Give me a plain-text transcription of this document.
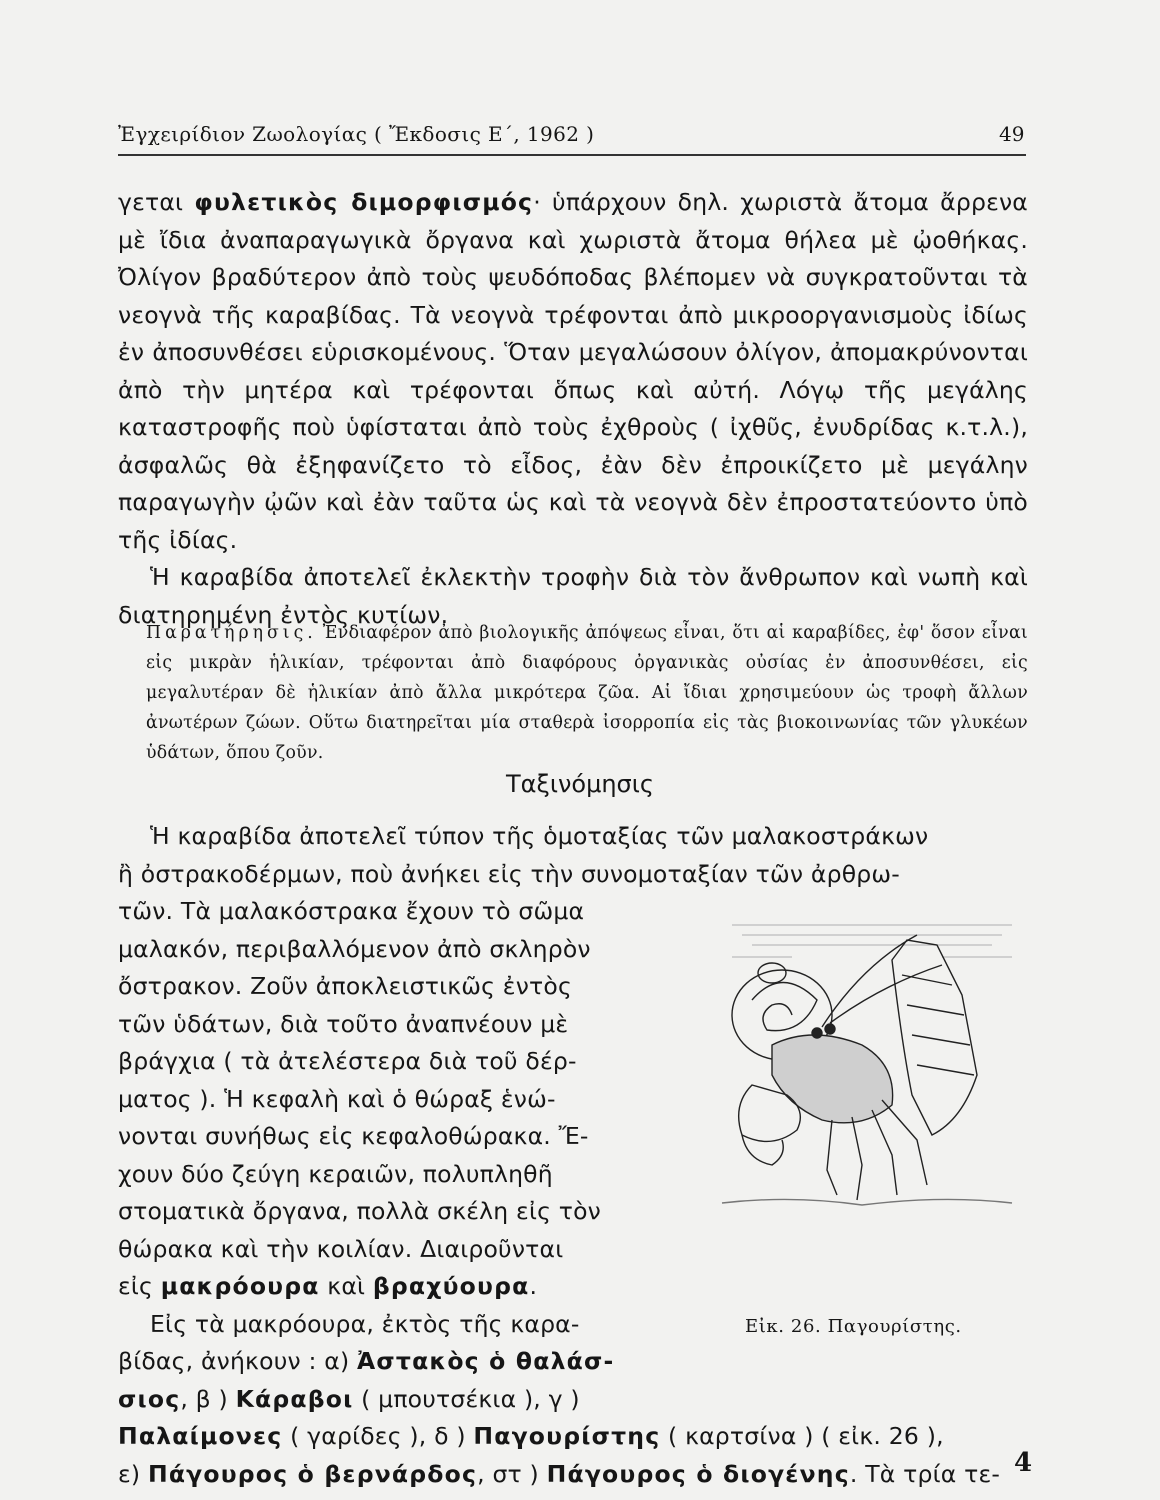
Ἐγχειρίδιον Ζωολογίας ( Ἔκδοσις Ε΄, 1962 )	49

γεται φυλετικὸς διμορφισμός· ὑπάρχουν δηλ. χωριστὰ ἄτομα ἄρρενα μὲ ἴδια ἀναπαραγωγικὰ ὄργανα καὶ χωριστὰ ἄτομα θήλεα μὲ ᾠοθήκας. Ὀλίγον βραδύτερον ἀπὸ τοὺς ψευδόποδας βλέπομεν νὰ συγκρατοῦνται τὰ νεογνὰ τῆς καραβίδας. Τὰ νεογνὰ τρέφονται ἀπὸ μικροοργανισμοὺς ἰδίως ἐν ἀποσυνθέσει εὑρισκομένους. Ὅταν μεγαλώσουν ὀλίγον, ἀπομακρύνονται ἀπὸ τὴν μητέρα καὶ τρέφονται ὅπως καὶ αὐτή. Λόγῳ τῆς μεγάλης καταστροφῆς ποὺ ὑφίσταται ἀπὸ τοὺς ἐχθροὺς ( ἰχθῦς, ἐνυδρίδας κ.τ.λ.), ἀσφαλῶς θὰ ἐξηφανίζετο τὸ εἶδος, ἐὰν δὲν ἐπροικίζετο μὲ μεγάλην παραγωγὴν ᾠῶν καὶ ἐὰν ταῦτα ὡς καὶ τὰ νεογνὰ δὲν ἐπροστατεύοντο ὑπὸ τῆς ἰδίας.

Ἡ καραβίδα ἀποτελεῖ ἐκλεκτὴν τροφὴν διὰ τὸν ἄνθρωπον καὶ νωπὴ καὶ διατηρημένη ἐντὸς κυτίων.

Παρατήρησις. Ἐνδιαφέρον ἀπὸ βιολογικῆς ἀπόψεως εἶναι, ὅτι αἱ καραβίδες, ἐφ' ὅσον εἶναι εἰς μικρὰν ἡλικίαν, τρέφονται ἀπὸ διαφόρους ὀργανικὰς οὐσίας ἐν ἀποσυνθέσει, εἰς μεγαλυτέραν δὲ ἡλικίαν ἀπὸ ἄλλα μικρότερα ζῶα. Αἱ ἴδιαι χρησιμεύουν ὡς τροφὴ ἄλλων ἀνωτέρων ζώων. Οὕτω διατηρεῖται μία σταθερὰ ἰσορροπία εἰς τὰς βιοκοινωνίας τῶν γλυκέων ὑδάτων, ὅπου ζοῦν.
Ταξινόμησις

Ἡ καραβίδα ἀποτελεῖ τύπον τῆς ὁμοταξίας τῶν μαλακοστράκων

ἢ ὀστρακοδέρμων, ποὺ ἀνήκει εἰς τὴν συνομοταξίαν τῶν ἀρθρω-

τῶν. Τὰ μαλακόστρακα ἔχουν τὸ σῶμα

μαλακόν, περιβαλλόμενον ἀπὸ σκληρὸν

ὄστρακον. Ζοῦν ἀποκλειστικῶς ἐντὸς

τῶν ὑδάτων, διὰ τοῦτο ἀναπνέουν μὲ

βράγχια ( τὰ ἀτελέστερα διὰ τοῦ δέρ-

ματος ). Ἡ κεφαλὴ καὶ ὁ θώραξ ἑνώ-

νονται συνήθως εἰς κεφαλοθώρακα. Ἔ-

χουν δύο ζεύγη κεραιῶν, πολυπληθῆ

στοματικὰ ὄργανα, πολλὰ σκέλη εἰς τὸν

θώρακα καὶ τὴν κοιλίαν. Διαιροῦνται

εἰς μακρόουρα καὶ βραχύουρα.

Εἰς τὰ μακρόουρα, ἐκτὸς τῆς καρα-

βίδας, ἀνήκουν : α) Ἀστακὸς ὁ θαλάσ-

σιος, β ) Κάραβοι ( μπουτσέκια ), γ )

Παλαίμονες ( γαρίδες ), δ ) Παγουρίστης ( καρτσίνα ) ( εἰκ. 26 ),

ε) Πάγουρος ὁ βερνάρδος, στ ) Πάγουρος ὁ διογένης. Τὰ τρία τε-

Εἰκ. 26. Παγουρίστης.
4
